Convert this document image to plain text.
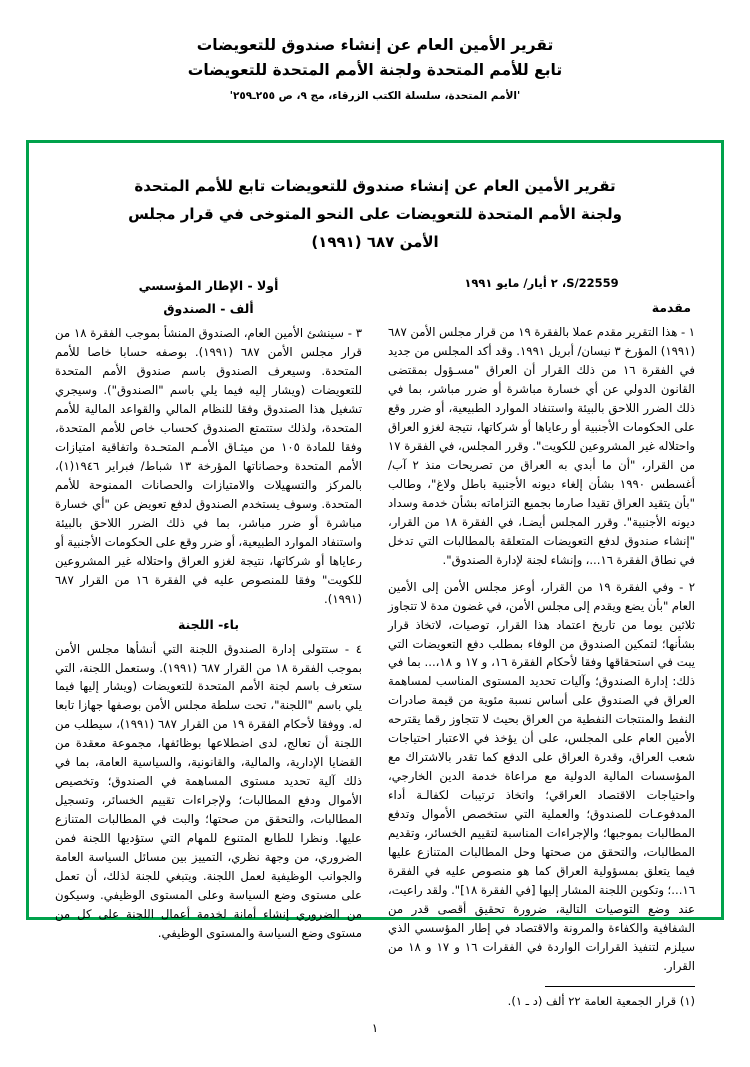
تقرير الأمين العام عن إنشاء صندوق للتعويضات
تابع للأمم المتحدة ولجنة الأمم المتحدة للتعويضات
'الأمم المتحدة، سلسلة الكتب الزرقاء، مج ٩، ص ٢٥٥ـ٢٥٩'
تقرير الأمين العام عن إنشاء صندوق للتعويضات تابع للأمم المتحدة
ولجنة الأمم المتحدة للتعويضات على النحو المتوخى في قرار مجلس
الأمن ٦٨٧ (١٩٩١)
S/22559، ٢ أيار/ مايو ١٩٩١
مقدمة

١ - هذا التقرير مقدم عملا بالفقرة ١٩ من قرار مجلس الأمن ٦٨٧ (١٩٩١) المؤرخ ٣ نيسان/ أبريل ١٩٩١. وقد أكد المجلس من جديد في الفقرة ١٦ من ذلك القرار أن العراق "مسـؤول بمقتضى القانون الدولي عن أي خسارة مباشرة أو ضرر مباشر، بما في ذلك الضرر اللاحق بالبيئة واستنفاد الموارد الطبيعية، أو ضرر وقع على الحكومات الأجنبية أو رعاياها أو شركاتها، نتيجة لغزو العراق واحتلاله غير المشروعين للكويت". وقرر المجلس، في الفقرة ١٧ من القرار، "أن ما أبدي به العراق من تصريحات منذ ٢ آب/ أغسطس ١٩٩٠ بشأن إلغاء ديونه الأجنبية باطل ولاغ"، وطالب "بأن يتقيد العراق تقيدا صارما بجميع التزاماته بشأن خدمة وسداد ديونه الأجنبية". وقرر المجلس أيضـا، في الفقرة ١٨ من القرار، "إنشاء صندوق لدفع التعويضات المتعلقة بالمطالبات التي تدخل في نطاق الفقرة ١٦...، وإنشاء لجنة لإدارة الصندوق".

٢ - وفي الفقرة ١٩ من القرار، أوعز مجلس الأمن إلى الأمين العام "بأن يضع ويقدم إلى مجلس الأمن، في غضون مدة لا تتجاوز ثلاثين يوما من تاريخ اعتماد هذا القرار، توصيات، لاتخاذ قرار بشأنها؛ لتمكين الصندوق من الوفاء بمطلب دفع التعويضات التي يبت في استحقاقها وفقا لأحكام الفقرة ١٦، و ١٧ و ١٨،... بما في ذلك: إدارة الصندوق؛ وآليات تحديد المستوى المناسب لمساهمة العراق في الصندوق على أساس نسبة مئوية من قيمة صادرات النفط والمنتجات النفطية من العراق بحيث لا تتجاوز رقما يقترحه الأمين العام على المجلس، على أن يؤخذ في الاعتبار احتياجات شعب العراق، وقدرة العراق على الدفع كما تقدر بالاشتراك مع المؤسسات المالية الدولية مع مراعاة خدمة الدين الخارجي، واحتياجات الاقتصاد العراقي؛ واتخاذ ترتيبات لكفالـة أداء المدفوعـات للصندوق؛ والعملية التي ستخصص الأموال وتدفع المطالبات بموجبها؛ والإجراءات المناسبة لتقييم الخسائر، وتقديم المطالبات، والتحقق من صحتها وحل المطالبات المتنازع عليها فيما يتعلق بمسؤولية العراق كما هو منصوص عليه في الفقرة ١٦...؛ وتكوين اللجنة المشار إليها [في الفقرة ١٨]". ولقد راعيت، عند وضع التوصيات التالية، ضرورة تحقيق أقصى قدر من الشفافية والكفاءة والمرونة والاقتصاد في إطار المؤسسي الذي سيلزم لتنفيذ القرارات الواردة في الفقرات ١٦ و ١٧ و ١٨ من القرار.

(١) قرار الجمعية العامة ٢٢ ألف (د ـ ١).
أولا - الإطار المؤسسي
ألف - الصندوق

٣ - سينشئ الأمين العام، الصندوق المنشأ بموجب الفقرة ١٨ من قرار مجلس الأمن ٦٨٧ (١٩٩١). بوصفه حسابا خاصا للأمم المتحدة. وسيعرف الصندوق باسم صندوق الأمم المتحدة للتعويضات (ويشار إليه فيما يلي باسم "الصندوق"). وسيجري تشغيل هذا الصندوق وفقا للنظام المالي والقواعد المالية للأمم المتحدة، ولذلك ستتمتع الصندوق كحساب خاص للأمم المتحدة، وفقا للمادة ١٠٥ من ميثـاق الأمـم المتحـدة واتفاقية امتيازات الأمم المتحدة وحصاناتها المؤرخة ١٣ شباط/ فبراير ١٩٤٦(١)، بالمركز والتسهيلات والامتيازات والحصانات الممنوحة للأمم المتحدة. وسوف يستخدم الصندوق لدفع تعويض عن "أي خسارة مباشرة أو ضرر مباشر، بما في ذلك الضرر اللاحق بالبيئة واستنفاد الموارد الطبيعية، أو ضرر وقع على الحكومات الأجنبية أو رعاياها أو شركاتها، نتيجة لغزو العراق واحتلاله غير المشروعين للكويت" وفقا للمنصوص عليه في الفقرة ١٦ من القرار ٦٨٧ (١٩٩١).

باء- اللجنة

٤ - ستتولى إدارة الصندوق اللجنة التي أنشأها مجلس الأمن بموجب الفقرة ١٨ من القرار ٦٨٧ (١٩٩١). وستعمل اللجنة، التي ستعرف باسم لجنة الأمم المتحدة للتعويضات (ويشار إليها فيما يلي باسم "اللجنة"، تحت سلطة مجلس الأمن بوصفها جهازا تابعا له. ووفقا لأحكام الفقرة ١٩ من القرار ٦٨٧ (١٩٩١)، سيطلب من اللجنة أن تعالج، لدى اضطلاعها بوظائفها، مجموعة معقدة من القضايا الإدارية، والمالية، والقانونية، والسياسية العامة، بما في ذلك آلية تحديد مستوى المساهمة في الصندوق؛ وتخصيص الأموال ودفع المطالبات؛ ولإجراءات تقييم الخسائر، وتسجيل المطالبات، والتحقق من صحتها؛ والبت في المطالبات المتنازع عليها. ونظرا للطابع المتنوع للمهام التي ستؤديها اللجنة فمن الضروري، من وجهة نظري، التمييز بين مسائل السياسة العامة والجوانب الوظيفية لعمل اللجنة. ويتبغي للجنة لذلك، أن تعمل على مستوى وضع السياسة وعلى المستوى الوظيفي. وسيكون من الضروري إنشاء أمانة لخدمة أعمال اللجنة على كل من مستوى وضع السياسة والمستوى الوظيفي.

١
